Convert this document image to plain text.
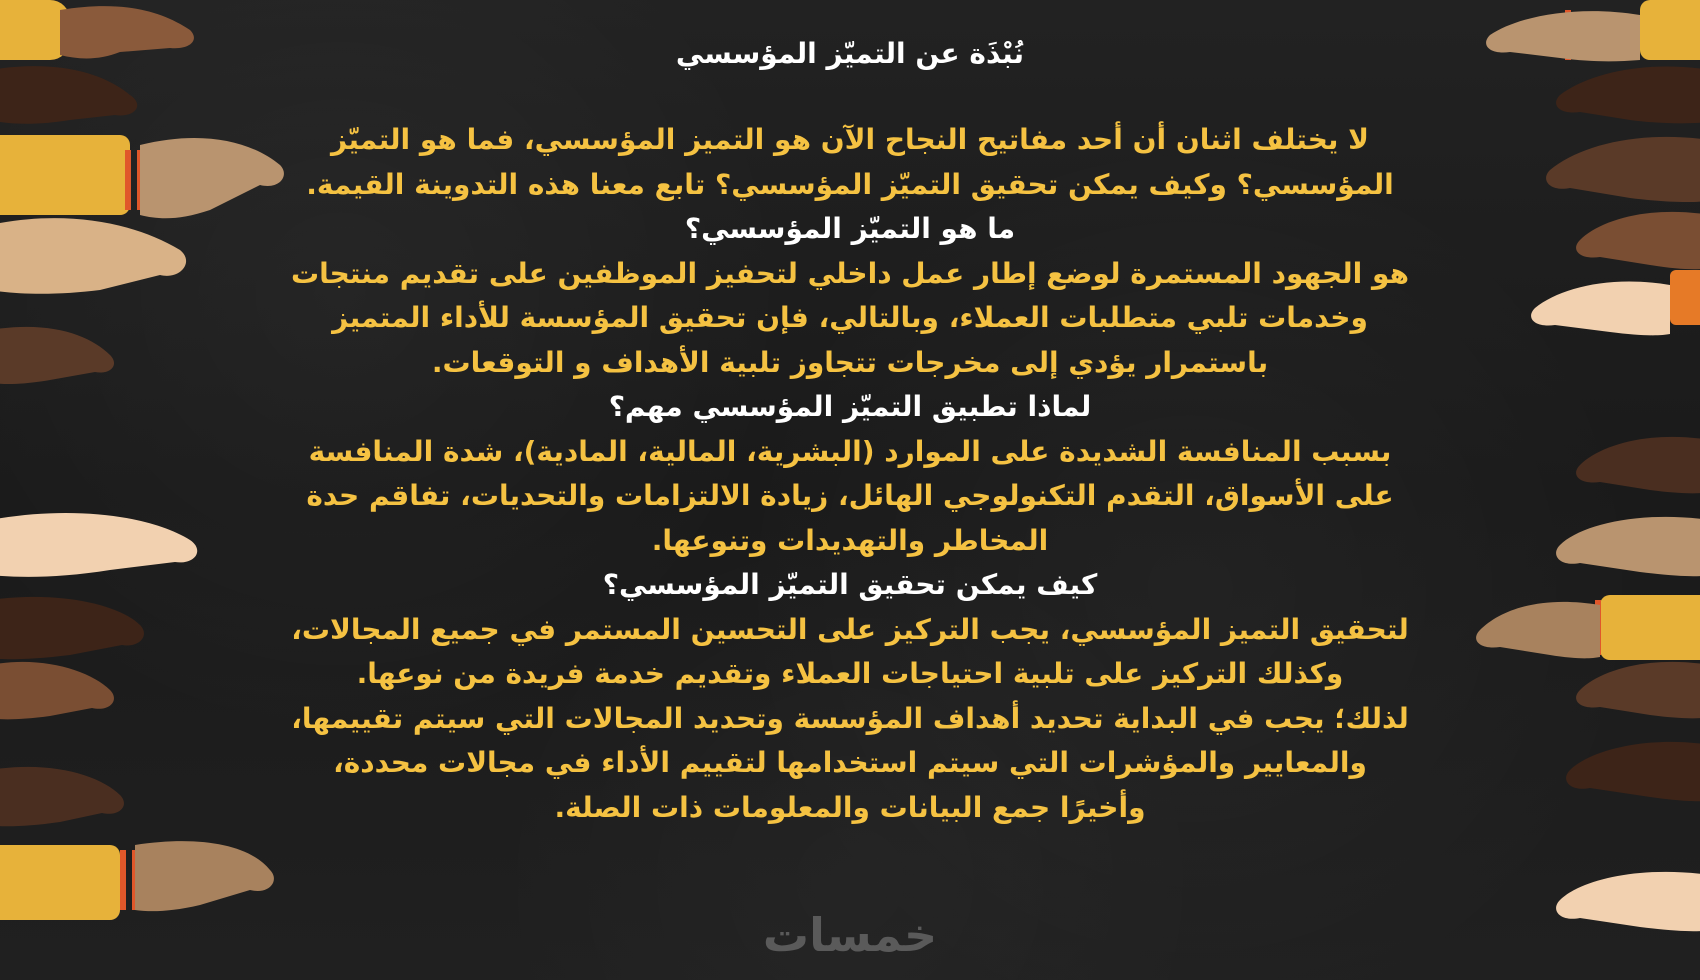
نُبْذَة عن التميّز المؤسسي

لا يختلف اثنان أن أحد مفاتيح النجاح الآن هو التميز المؤسسي، فما هو التميّز المؤسسي؟ وكيف يمكن تحقيق التميّز المؤسسي؟ تابع معنا هذه التدوينة القيمة.

ما هو التميّز المؤسسي؟

هو الجهود المستمرة لوضع إطار عمل داخلي لتحفيز الموظفين على تقديم منتجات وخدمات تلبي متطلبات العملاء، وبالتالي، فإن تحقيق المؤسسة للأداء المتميز باستمرار يؤدي إلى مخرجات تتجاوز تلبية الأهداف و التوقعات.

لماذا تطبيق التميّز المؤسسي مهم؟

بسبب المنافسة الشديدة على الموارد (البشرية، المالية، المادية)، شدة المنافسة على الأسواق، التقدم التكنولوجي الهائل، زيادة الالتزامات والتحديات، تفاقم حدة المخاطر والتهديدات وتنوعها.

كيف يمكن تحقيق التميّز المؤسسي؟

لتحقيق التميز المؤسسي، يجب التركيز على التحسين المستمر في جميع المجالات، وكذلك التركيز على تلبية احتياجات العملاء وتقديم خدمة فريدة من نوعها.

لذلك؛ يجب في البداية تحديد أهداف المؤسسة وتحديد المجالات التي سيتم تقييمها، والمعايير والمؤشرات التي سيتم استخدامها لتقييم الأداء في مجالات محددة، وأخيرًا جمع البيانات والمعلومات ذات الصلة.

خمسات
